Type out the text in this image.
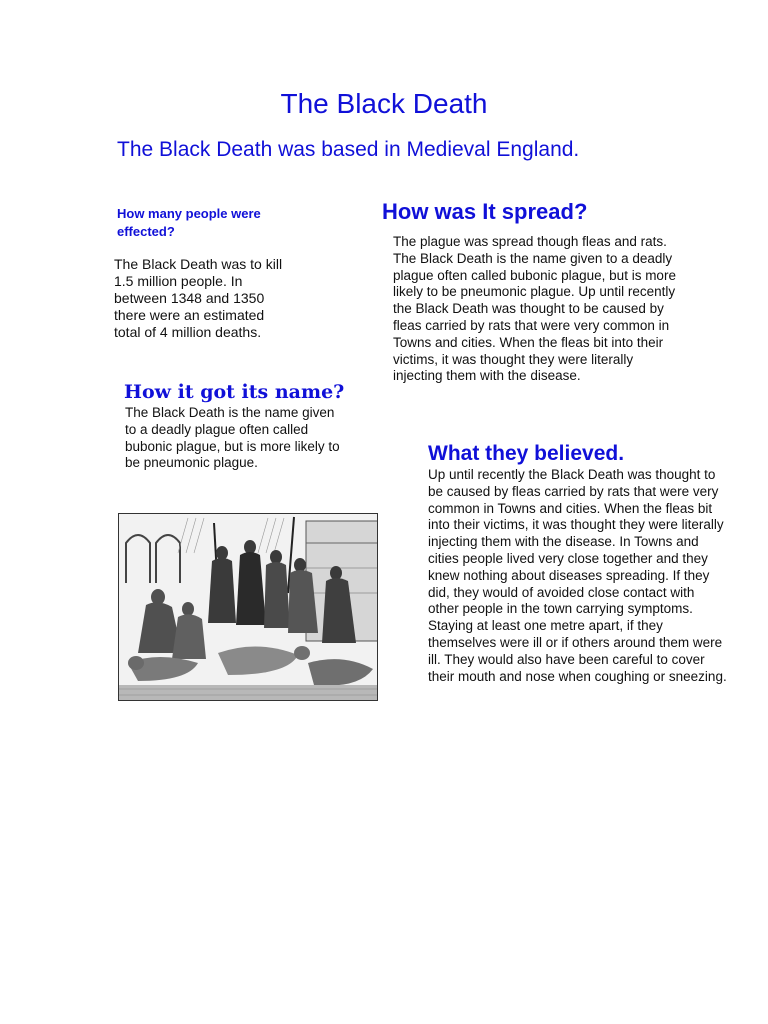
The Black Death
The Black Death was based in Medieval England.
How many people were effected?
The Black Death was to kill 1.5 million people. In between 1348 and 1350 there were an estimated total of 4 million deaths.
How was It spread?
The plague was spread though fleas and rats. The Black Death is the name given to a deadly plague often called bubonic plague, but is more likely to be pneumonic plague. Up until recently the Black Death was thought to be caused by fleas carried by rats that were very common in Towns and cities. When the fleas bit into their victims, it was thought they were literally injecting them with the disease.
How it got its name?
The Black Death is the name given to a deadly plague often called bubonic plague, but is more likely to be pneumonic plague.	What they believed.
Up until recently the Black Death was thought to be caused by fleas carried by rats that were very common in Towns and cities. When the fleas bit into their victims, it was thought they were literally injecting them with the disease. In Towns and cities people lived very close together and they knew nothing about diseases spreading. If they did, they would of avoided close contact with other people in the town carrying symptoms. Staying at least one metre apart, if they themselves were ill or if others around them were ill. They would also have been careful to cover their mouth and nose when coughing or sneezing.
